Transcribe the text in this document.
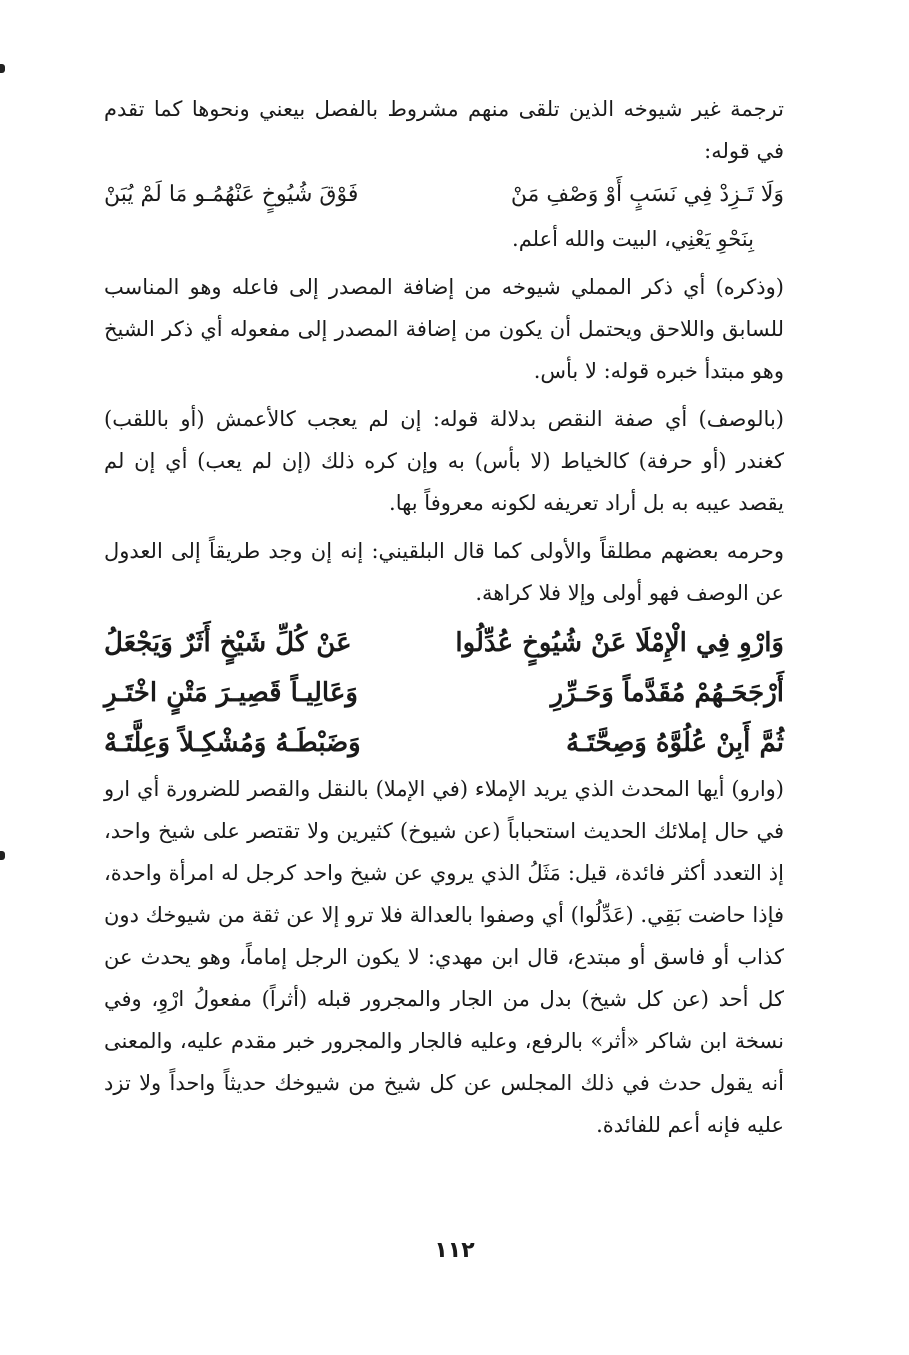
ترجمة غير شيوخه الذين تلقى منهم مشروط بالفصل بيعني ونحوها كما تقدم في قوله:

وَلَا تَـزِدْ فِي نَسَبٍ أَوْ وَصْفِ مَنْ
فَوْقَ شُيُوخٍ عَنْهُمُـو مَا لَمْ يُبَنْ

بِنَحْوِ يَعْنِي، البيت والله أعلم.

(وذكره) أي ذكر المملي شيوخه من إضافة المصدر إلى فاعله وهو المناسب للسابق واللاحق ويحتمل أن يكون من إضافة المصدر إلى مفعوله أي ذكر الشيخ وهو مبتدأ خبره قوله: لا بأس.

(بالوصف) أي صفة النقص بدلالة قوله: إن لم يعجب كالأعمش (أو باللقب) كغندر (أو حرفة) كالخياط (لا بأس) به وإن كره ذلك (إن لم يعب) أي إن لم يقصد عيبه به بل أراد تعريفه لكونه معروفاً بها.

وحرمه بعضهم مطلقاً والأولى كما قال البلقيني: إنه إن وجد طريقاً إلى العدول عن الوصف فهو أولى وإلا فلا كراهة.

وَارْوِ فِي الْإِمْلَا عَنْ شُيُوخٍ عُدِّلُوا
عَنْ كُلِّ شَيْخٍ أَثَرٌ وَيَجْعَلُ
أَرْجَحَـهُمْ مُقَدَّماً وَحَـرِّرِ
وَعَالِيـاً قَصِيـرَ مَتْنٍ اخْتَـرِ
ثُمَّ أَبِنْ عُلُوَّهُ وَصِحَّتَـهُ
وَضَبْطَـهُ وَمُشْكِـلاً وَعِلَّتَـهْ

(وارو) أيها المحدث الذي يريد الإملاء (في الإملا) بالنقل والقصر للضرورة أي ارو في حال إملائك الحديث استحباباً (عن شيوخ) كثيرين ولا تقتصر على شيخ واحد، إذ التعدد أكثر فائدة، قيل: مَثَلُ الذي يروي عن شيخ واحد كرجل له امرأة واحدة، فإذا حاضت بَقِي. (عَدِّلُوا) أي وصفوا بالعدالة فلا ترو إلا عن ثقة من شيوخك دون كذاب أو فاسق أو مبتدع، قال ابن مهدي: لا يكون الرجل إماماً، وهو يحدث عن كل أحد (عن كل شيخ) بدل من الجار والمجرور قبله (أثراً) مفعولُ ارْوِ، وفي نسخة ابن شاكر «أثر» بالرفع، وعليه فالجار والمجرور خبر مقدم عليه، والمعنى أنه يقول حدث في ذلك المجلس عن كل شيخ من شيوخك حديثاً واحداً ولا تزد عليه فإنه أعم للفائدة.

١١٢
